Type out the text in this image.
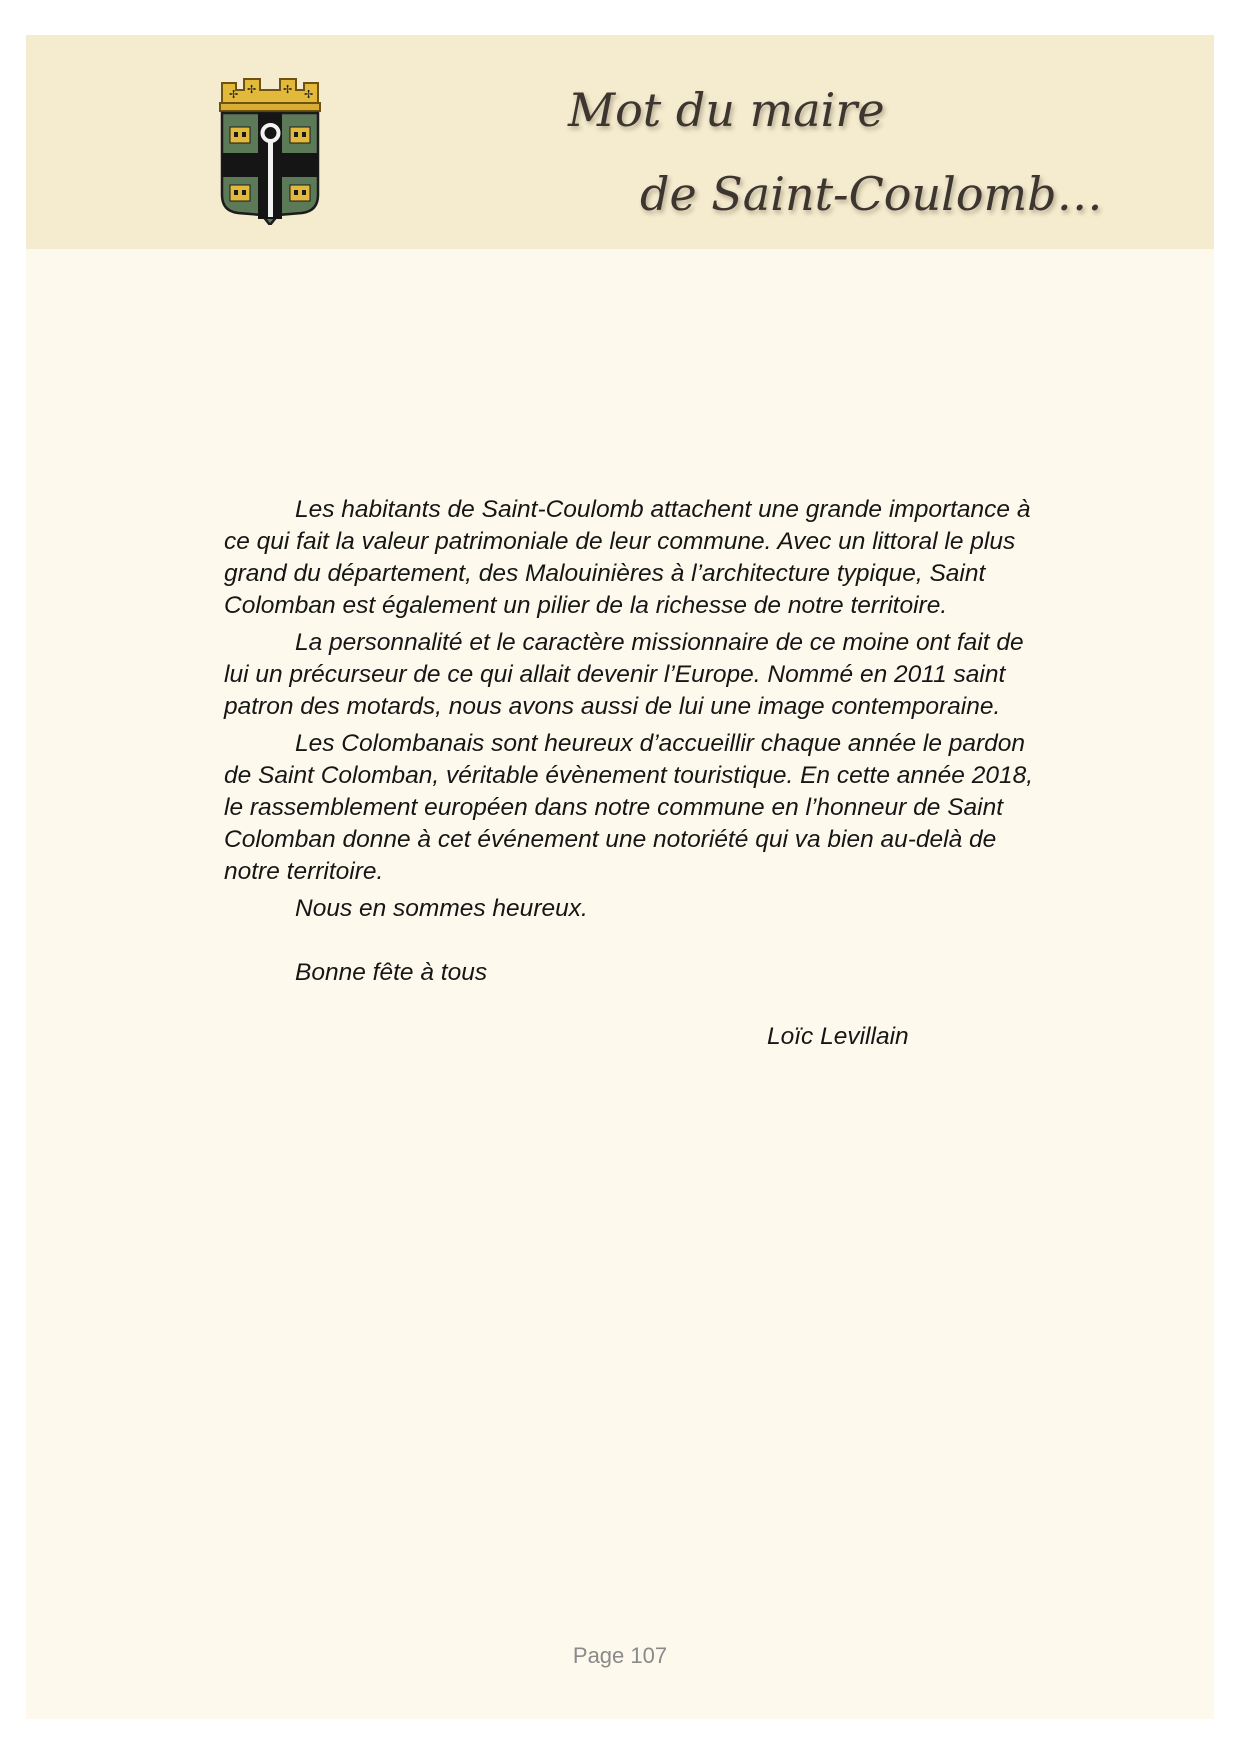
✢ ✢ ✢ ✢	Mot du maire
de Saint-Coulomb…

Les habitants de Saint-Coulomb attachent une grande importance à ce qui fait la valeur patrimoniale de leur commune. Avec un littoral le plus grand du département, des Malouinières à l’architecture typique, Saint Colomban est également un pilier de la richesse de notre territoire.

La personnalité et le caractère missionnaire de ce moine ont fait de lui un précurseur de ce qui allait devenir l’Europe. Nommé en 2011 saint patron des motards, nous avons aussi de lui une image contemporaine.

Les Colombanais sont heureux d’accueillir chaque année le pardon de Saint Colomban, véritable évènement touristique. En cette année 2018, le rassemblement européen dans notre commune en l’honneur de Saint Colomban donne à cet événement une notoriété qui va bien au-delà de notre territoire.

Nous en sommes heureux.

Bonne fête à tous

Loïc Levillain

Page 107
